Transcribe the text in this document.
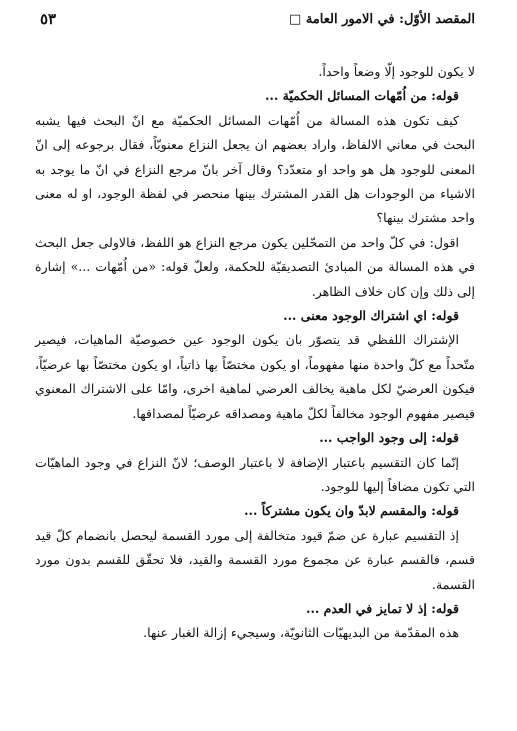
المقصد الأوّل: في الامور العامة □
٥٣

لا يكون للوجود إلّا وضعاً واحداً.

قوله: من اُمّهات المسائل الحكميّة ...

كيف تكون هذه المسالة من اُمّهات المسائل الحكميّة مع انّ البحث فيها يشبه البحث في معاني الالفاظ، واراد بعضهم ان يجعل النزاع معنويّاً، فقال برجوعه إلى انّ المعنى للوجود هل هو واحد او متعدّد؟ وقال آخر بانّ مرجع النزاع في انّ ما يوجد به الاشياء من الوجودات هل القدر المشترك بينها منحصر في لفظة الوجود، او له معنى واحد مشترك بينها؟

اقول: في كلّ واحد من التمحّلين يكون مرجع النزاع هو اللفظ، فالاولى جعل البحث في هذه المسالة من المبادئ التصديقيّة للحكمة، ولعلّ قوله: «من اُمّهات ...» إشارة إلى ذلك وإن كان خلاف الظاهر.

قوله: اي اشتراك الوجود معنى ...

الإشتراك اللفظي قد يتصوّر بان يكون الوجود عين خصوصيّة الماهيات، فيصير متّحداً مع كلّ واحدة منها مفهوماً، او يكون مختصّاً بها ذاتياً، او يكون مختصّاً بها عرضيّاً، فيكون العرضيّ لكل ماهية يخالف العرضي لماهية اخرى، وامّا على الاشتراك المعنوي فيصير مفهوم الوجود مخالفاً لكلّ ماهية ومصداقه عرضيّاً لمصداقها.

قوله: إلى وجود الواجب ...

إنّما كان التقسيم باعتبار الإضافة لا باعتبار الوصف؛ لانّ النزاع في وجود الماهيّات التي تكون مضافاً إليها للوجود.

قوله: والمقسم لابدّ وان يكون مشتركاً ...

إذ التقسيم عبارة عن ضمّ قيود متخالفة إلى مورد القسمة ليحصل بانضمام كلّ قيد قسم، فالقسم عبارة عن مجموع مورد القسمة والقيد، فلا تحقّق للقسم بدون مورد القسمة.

قوله: إذ لا تمايز في العدم ...

هذه المقدّمة من البديهيّات الثانويّة، وسيجيء إزالة الغبار عنها.
